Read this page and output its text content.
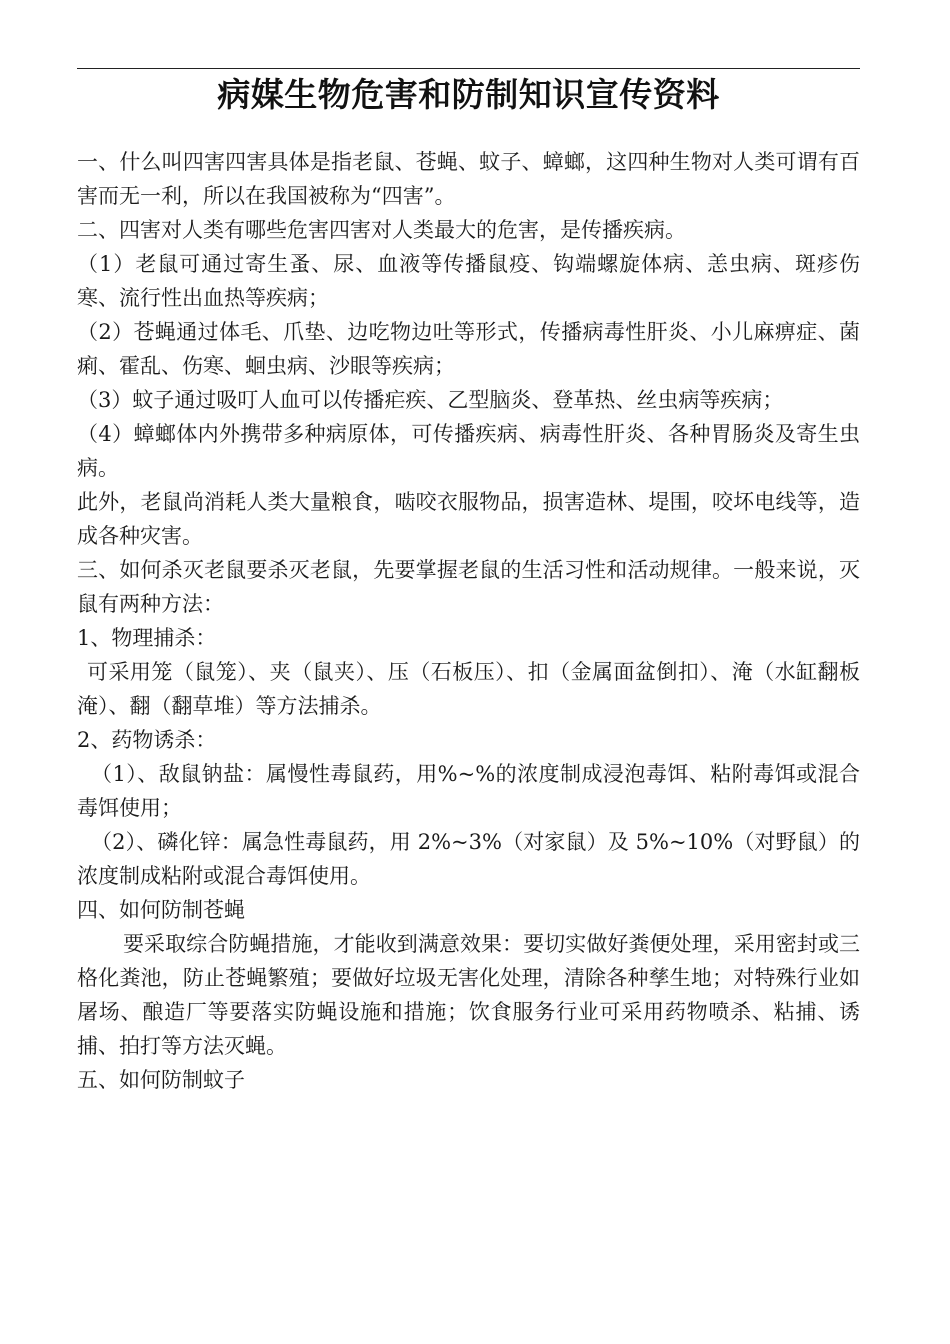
病媒生物危害和防制知识宣传资料

一、什么叫四害四害具体是指老鼠、苍蝇、蚊子、蟑螂，这四种生物对人类可谓有百害而无一利，所以在我国被称为“四害”。

二、四害对人类有哪些危害四害对人类最大的危害，是传播疾病。

（1）老鼠可通过寄生蚤、尿、血液等传播鼠疫、钩端螺旋体病、恙虫病、斑疹伤寒、流行性出血热等疾病；

（2）苍蝇通过体毛、爪垫、边吃物边吐等形式，传播病毒性肝炎、小儿麻痹症、菌痢、霍乱、伤寒、蛔虫病、沙眼等疾病；

（3）蚊子通过吸叮人血可以传播疟疾、乙型脑炎、登革热、丝虫病等疾病；

（4）蟑螂体内外携带多种病原体，可传播疾病、病毒性肝炎、各种胃肠炎及寄生虫病。

此外，老鼠尚消耗人类大量粮食，啮咬衣服物品，损害造林、堤围，咬坏电线等，造成各种灾害。

三、如何杀灭老鼠要杀灭老鼠，先要掌握老鼠的生活习性和活动规律。一般来说，灭鼠有两种方法：

1、物理捕杀：

可采用笼（鼠笼）、夹（鼠夹）、压（石板压）、扣（金属面盆倒扣）、淹（水缸翻板淹）、翻（翻草堆）等方法捕杀。

2、药物诱杀：

（1）、敌鼠钠盐：属慢性毒鼠药，用%~%的浓度制成浸泡毒饵、粘附毒饵或混合毒饵使用；

（2）、磷化锌：属急性毒鼠药，用 2%~3%（对家鼠）及 5%~10%（对野鼠）的浓度制成粘附或混合毒饵使用。

四、如何防制苍蝇

要采取综合防蝇措施，才能收到满意效果：要切实做好粪便处理，采用密封或三格化粪池，防止苍蝇繁殖；要做好垃圾无害化处理，清除各种孳生地；对特殊行业如屠场、酿造厂等要落实防蝇设施和措施；饮食服务行业可采用药物喷杀、粘捕、诱捕、拍打等方法灭蝇。

五、如何防制蚊子
